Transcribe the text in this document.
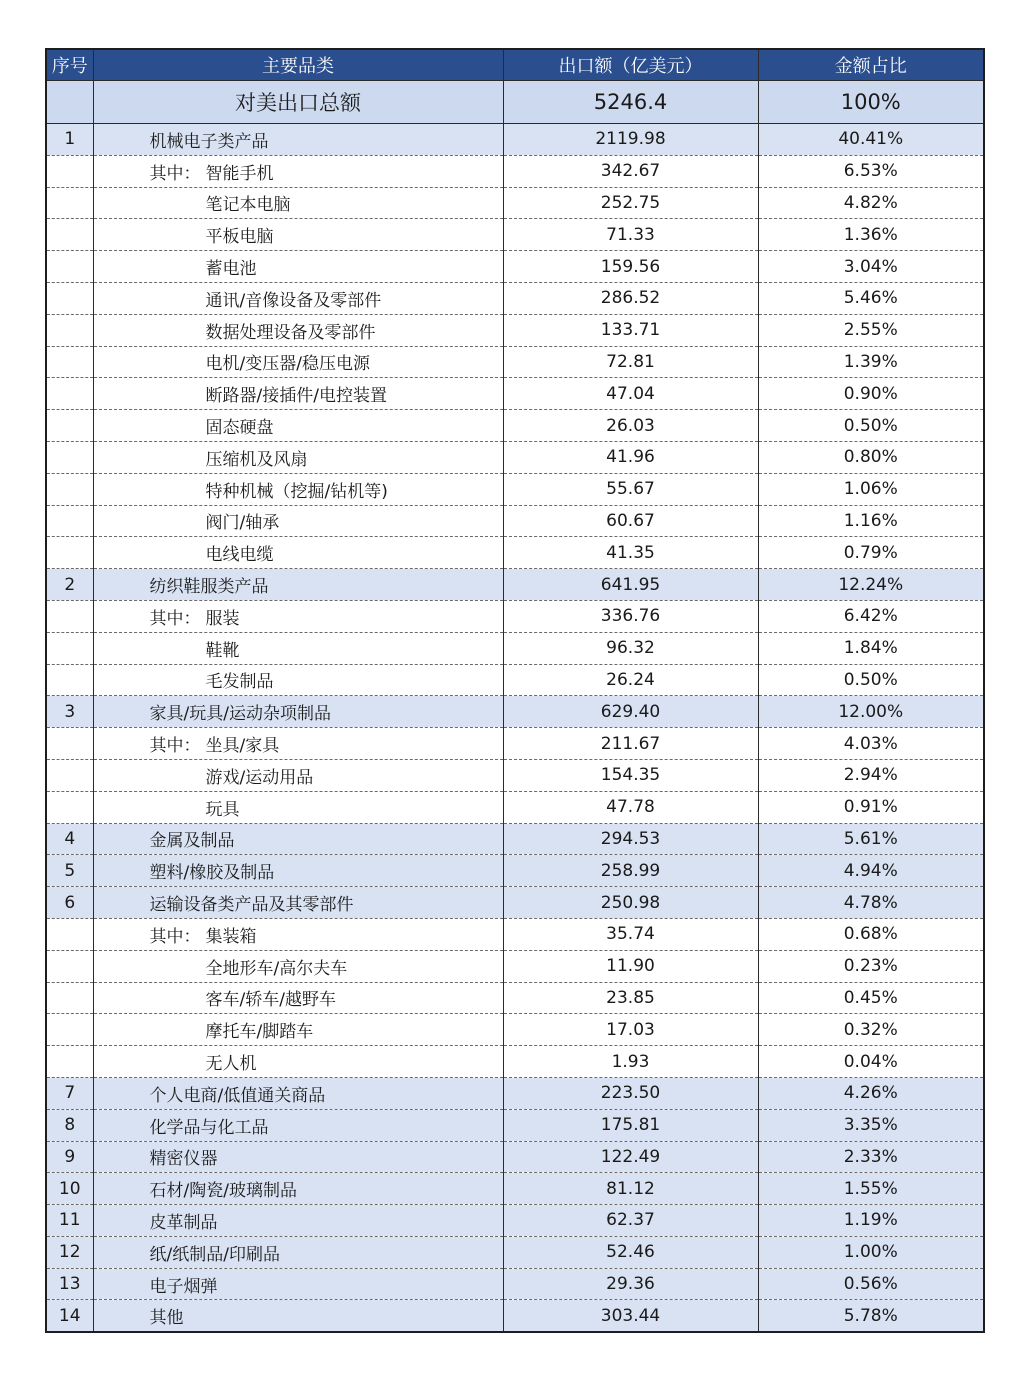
序号	主要品类	出口额（亿美元）	金额占比
	对美出口总额	5246.4	100%
1	机械电子类产品	2119.98	40.41%
	其中： 智能手机	342.67	6.53%
	笔记本电脑	252.75	4.82%
	平板电脑	71.33	1.36%
	蓄电池	159.56	3.04%
	通讯/音像设备及零部件	286.52	5.46%
	数据处理设备及零部件	133.71	2.55%
	电机/变压器/稳压电源	72.81	1.39%
	断路器/接插件/电控装置	47.04	0.90%
	固态硬盘	26.03	0.50%
	压缩机及风扇	41.96	0.80%
	特种机械（挖掘/钻机等)	55.67	1.06%
	阀门/轴承	60.67	1.16%
	电线电缆	41.35	0.79%
2	纺织鞋服类产品	641.95	12.24%
	其中： 服装	336.76	6.42%
	鞋靴	96.32	1.84%
	毛发制品	26.24	0.50%
3	家具/玩具/运动杂项制品	629.40	12.00%
	其中： 坐具/家具	211.67	4.03%
	游戏/运动用品	154.35	2.94%
	玩具	47.78	0.91%
4	金属及制品	294.53	5.61%
5	塑料/橡胶及制品	258.99	4.94%
6	运输设备类产品及其零部件	250.98	4.78%
	其中： 集装箱	35.74	0.68%
	全地形车/高尔夫车	11.90	0.23%
	客车/轿车/越野车	23.85	0.45%
	摩托车/脚踏车	17.03	0.32%
	无人机	1.93	0.04%
7	个人电商/低值通关商品	223.50	4.26%
8	化学品与化工品	175.81	3.35%
9	精密仪器	122.49	2.33%
10	石材/陶瓷/玻璃制品	81.12	1.55%
11	皮革制品	62.37	1.19%
12	纸/纸制品/印刷品	52.46	1.00%
13	电子烟弹	29.36	0.56%
14	其他	303.44	5.78%
